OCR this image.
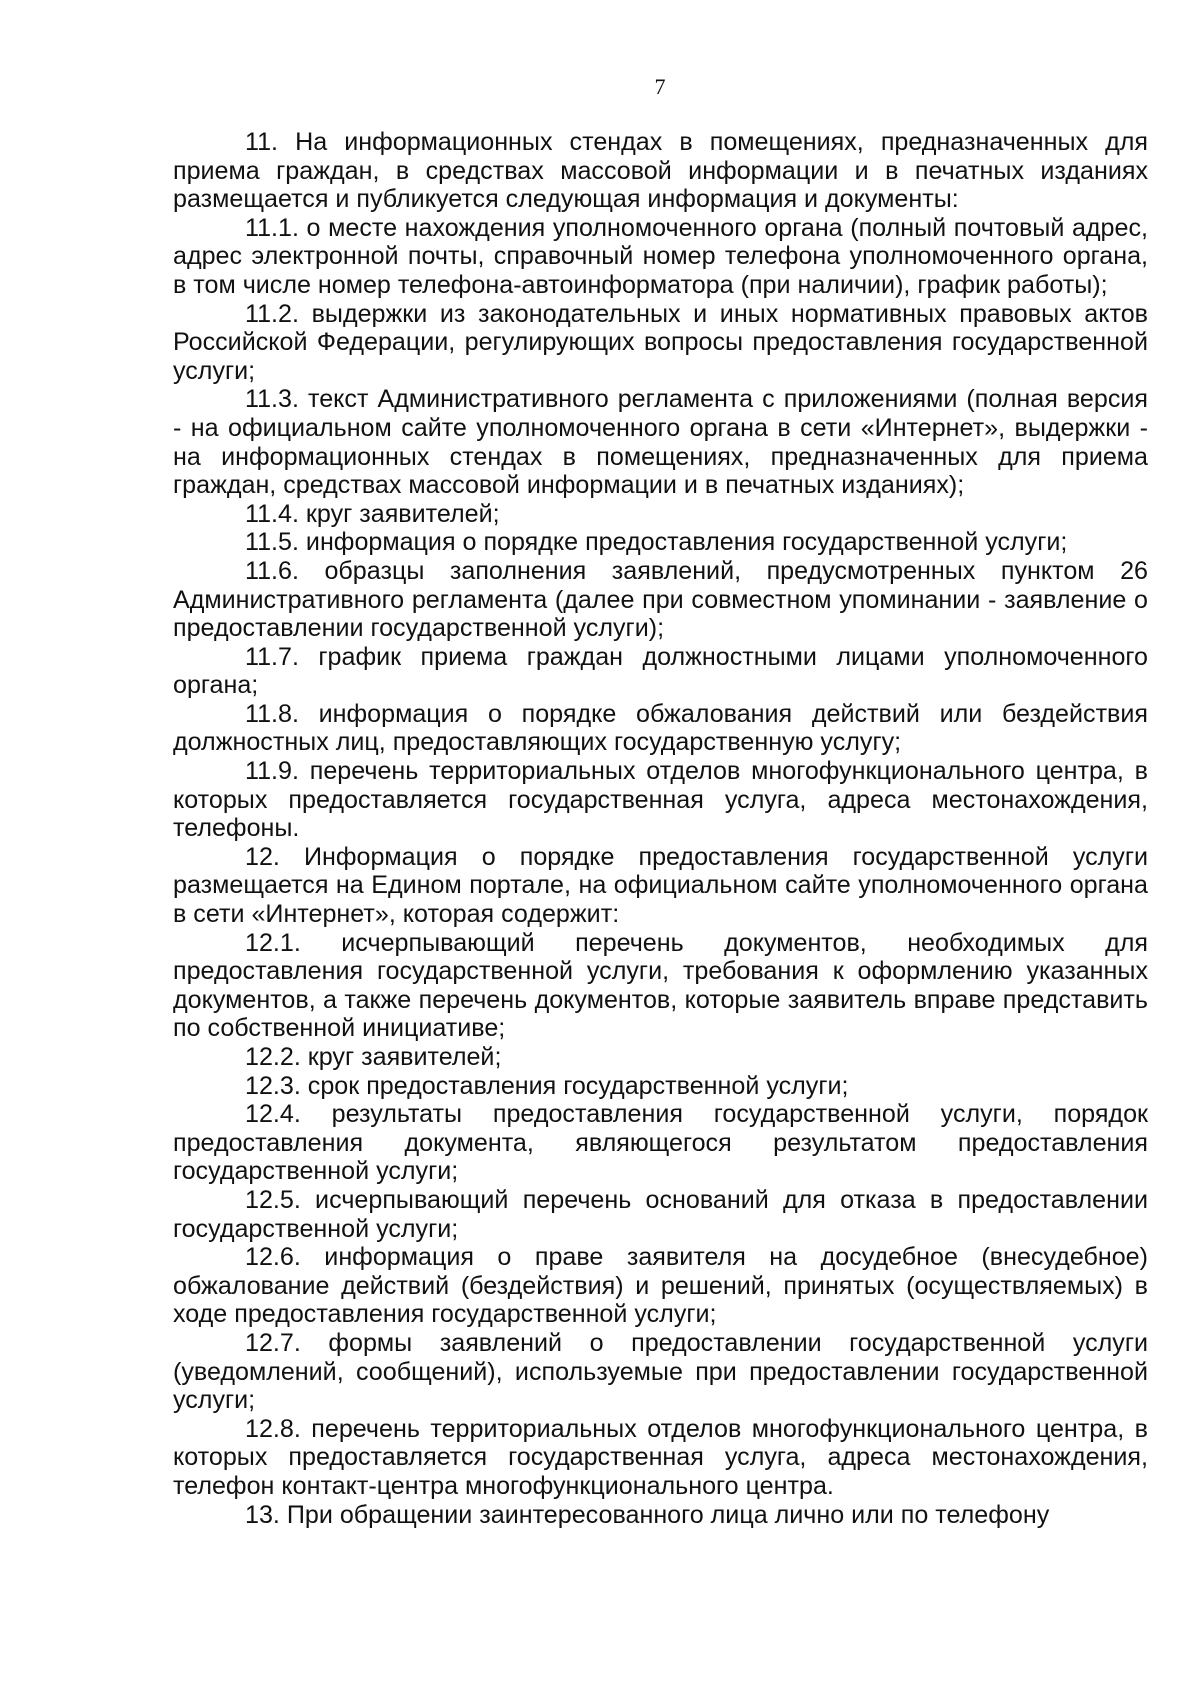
7

11. На информационных стендах в помещениях, предназначенных для приема граждан, в средствах массовой информации и в печатных изданиях размещается и публикуется следующая информация и документы:

11.1. о месте нахождения уполномоченного органа (полный почтовый адрес, адрес электронной почты, справочный номер телефона уполномоченного органа, в том числе номер телефона-автоинформатора (при наличии), график работы);

11.2. выдержки из законодательных и иных нормативных правовых актов Российской Федерации, регулирующих вопросы предоставления государственной услуги;

11.3. текст Административного регламента с приложениями (полная версия - на официальном сайте уполномоченного органа в сети «Интернет», выдержки - на информационных стендах в помещениях, предназначенных для приема граждан, средствах массовой информации и в печатных изданиях);

11.4. круг заявителей;

11.5. информация о порядке предоставления государственной услуги;

11.6. образцы заполнения заявлений, предусмотренных пунктом 26 Административного регламента (далее при совместном упоминании - заявление о предоставлении государственной услуги);

11.7. график приема граждан должностными лицами уполномоченного органа;

11.8. информация о порядке обжалования действий или бездействия должностных лиц, предоставляющих государственную услугу;

11.9. перечень территориальных отделов многофункционального центра, в которых предоставляется государственная услуга, адреса местонахождения, телефоны.

12. Информация о порядке предоставления государственной услуги размещается на Едином портале, на официальном сайте уполномоченного органа в сети «Интернет», которая содержит:

12.1. исчерпывающий перечень документов, необходимых для предоставления государственной услуги, требования к оформлению указанных документов, а также перечень документов, которые заявитель вправе представить по собственной инициативе;

12.2. круг заявителей;

12.3. срок предоставления государственной услуги;

12.4. результаты предоставления государственной услуги, порядок предоставления документа, являющегося результатом предоставления государственной услуги;

12.5. исчерпывающий перечень оснований для отказа в предоставлении государственной услуги;

12.6. информация о праве заявителя на досудебное (внесудебное) обжалование действий (бездействия) и решений, принятых (осуществляемых) в ходе предоставления государственной услуги;

12.7. формы заявлений о предоставлении государственной услуги (уведомлений, сообщений), используемые при предоставлении государственной услуги;

12.8. перечень территориальных отделов многофункционального центра, в которых предоставляется государственная услуга, адреса местонахождения, телефон контакт-центра многофункционального центра.

13. При обращении заинтересованного лица лично или по телефону
